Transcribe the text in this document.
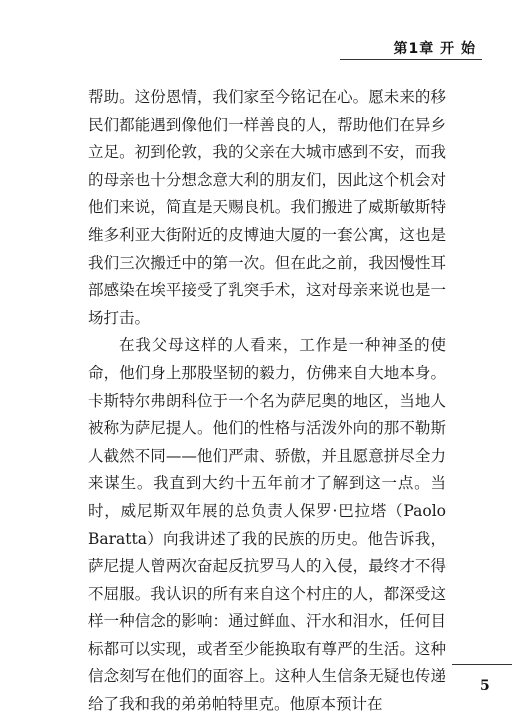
第1章 开 始

帮助。这份恩情，我们家至今铭记在心。愿未来的移民们都能遇到像他们一样善良的人，帮助他们在异乡立足。初到伦敦，我的父亲在大城市感到不安，而我的母亲也十分想念意大利的朋友们，因此这个机会对他们来说，简直是天赐良机。我们搬进了威斯敏斯特维多利亚大街附近的皮博迪大厦的一套公寓，这也是我们三次搬迁中的第一次。但在此之前，我因慢性耳部感染在埃平接受了乳突手术，这对母亲来说也是一场打击。

在我父母这样的人看来，工作是一种神圣的使命，他们身上那股坚韧的毅力，仿佛来自大地本身。卡斯特尔弗朗科位于一个名为萨尼奥的地区，当地人被称为萨尼提人。他们的性格与活泼外向的那不勒斯人截然不同——他们严肃、骄傲，并且愿意拼尽全力来谋生。我直到大约十五年前才了解到这一点。当时，威尼斯双年展的总负责人保罗·巴拉塔（Paolo Baratta）向我讲述了我的民族的历史。他告诉我，萨尼提人曾两次奋起反抗罗马人的入侵，最终才不得不屈服。我认识的所有来自这个村庄的人，都深受这样一种信念的影响：通过鲜血、汗水和泪水，任何目标都可以实现，或者至少能换取有尊严的生活。这种信念刻写在他们的面容上。这种人生信条无疑也传递给了我和我的弟弟帕特里克。他原本预计在

5
